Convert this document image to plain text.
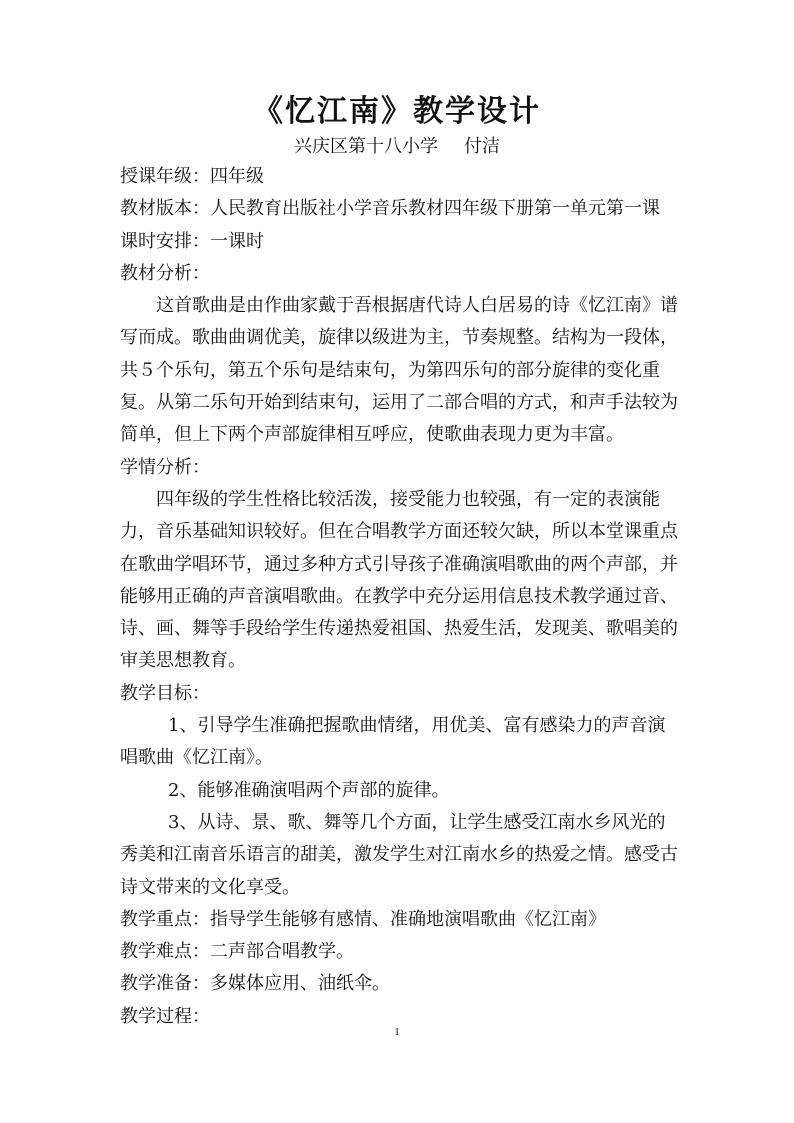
《忆江南》教学设计
兴庆区第十八小学 付洁

授课年级：四年级

教材版本：人民教育出版社小学音乐教材四年级下册第一单元第一课

课时安排：一课时

教材分析：

这首歌曲是由作曲家戴于吾根据唐代诗人白居易的诗《忆江南》谱写而成。歌曲曲调优美，旋律以级进为主，节奏规整。结构为一段体，共５个乐句，第五个乐句是结束句，为第四乐句的部分旋律的变化重复。从第二乐句开始到结束句，运用了二部合唱的方式，和声手法较为简单，但上下两个声部旋律相互呼应，使歌曲表现力更为丰富。

学情分析：

四年级的学生性格比较活泼，接受能力也较强，有一定的表演能力，音乐基础知识较好。但在合唱教学方面还较欠缺，所以本堂课重点在歌曲学唱环节，通过多种方式引导孩子准确演唱歌曲的两个声部，并能够用正确的声音演唱歌曲。在教学中充分运用信息技术教学通过音、诗、画、舞等手段给学生传递热爱祖国、热爱生活，发现美、歌唱美的审美思想教育。

教学目标：

1、引导学生准确把握歌曲情绪，用优美、富有感染力的声音演唱歌曲《忆江南》。

2、能够准确演唱两个声部的旋律。

3、从诗、景、歌、舞等几个方面，让学生感受江南水乡风光的秀美和江南音乐语言的甜美，激发学生对江南水乡的热爱之情。感受古诗文带来的文化享受。

教学重点：指导学生能够有感情、准确地演唱歌曲《忆江南》

教学难点：二声部合唱教学。

教学准备：多媒体应用、油纸伞。

教学过程：

1
